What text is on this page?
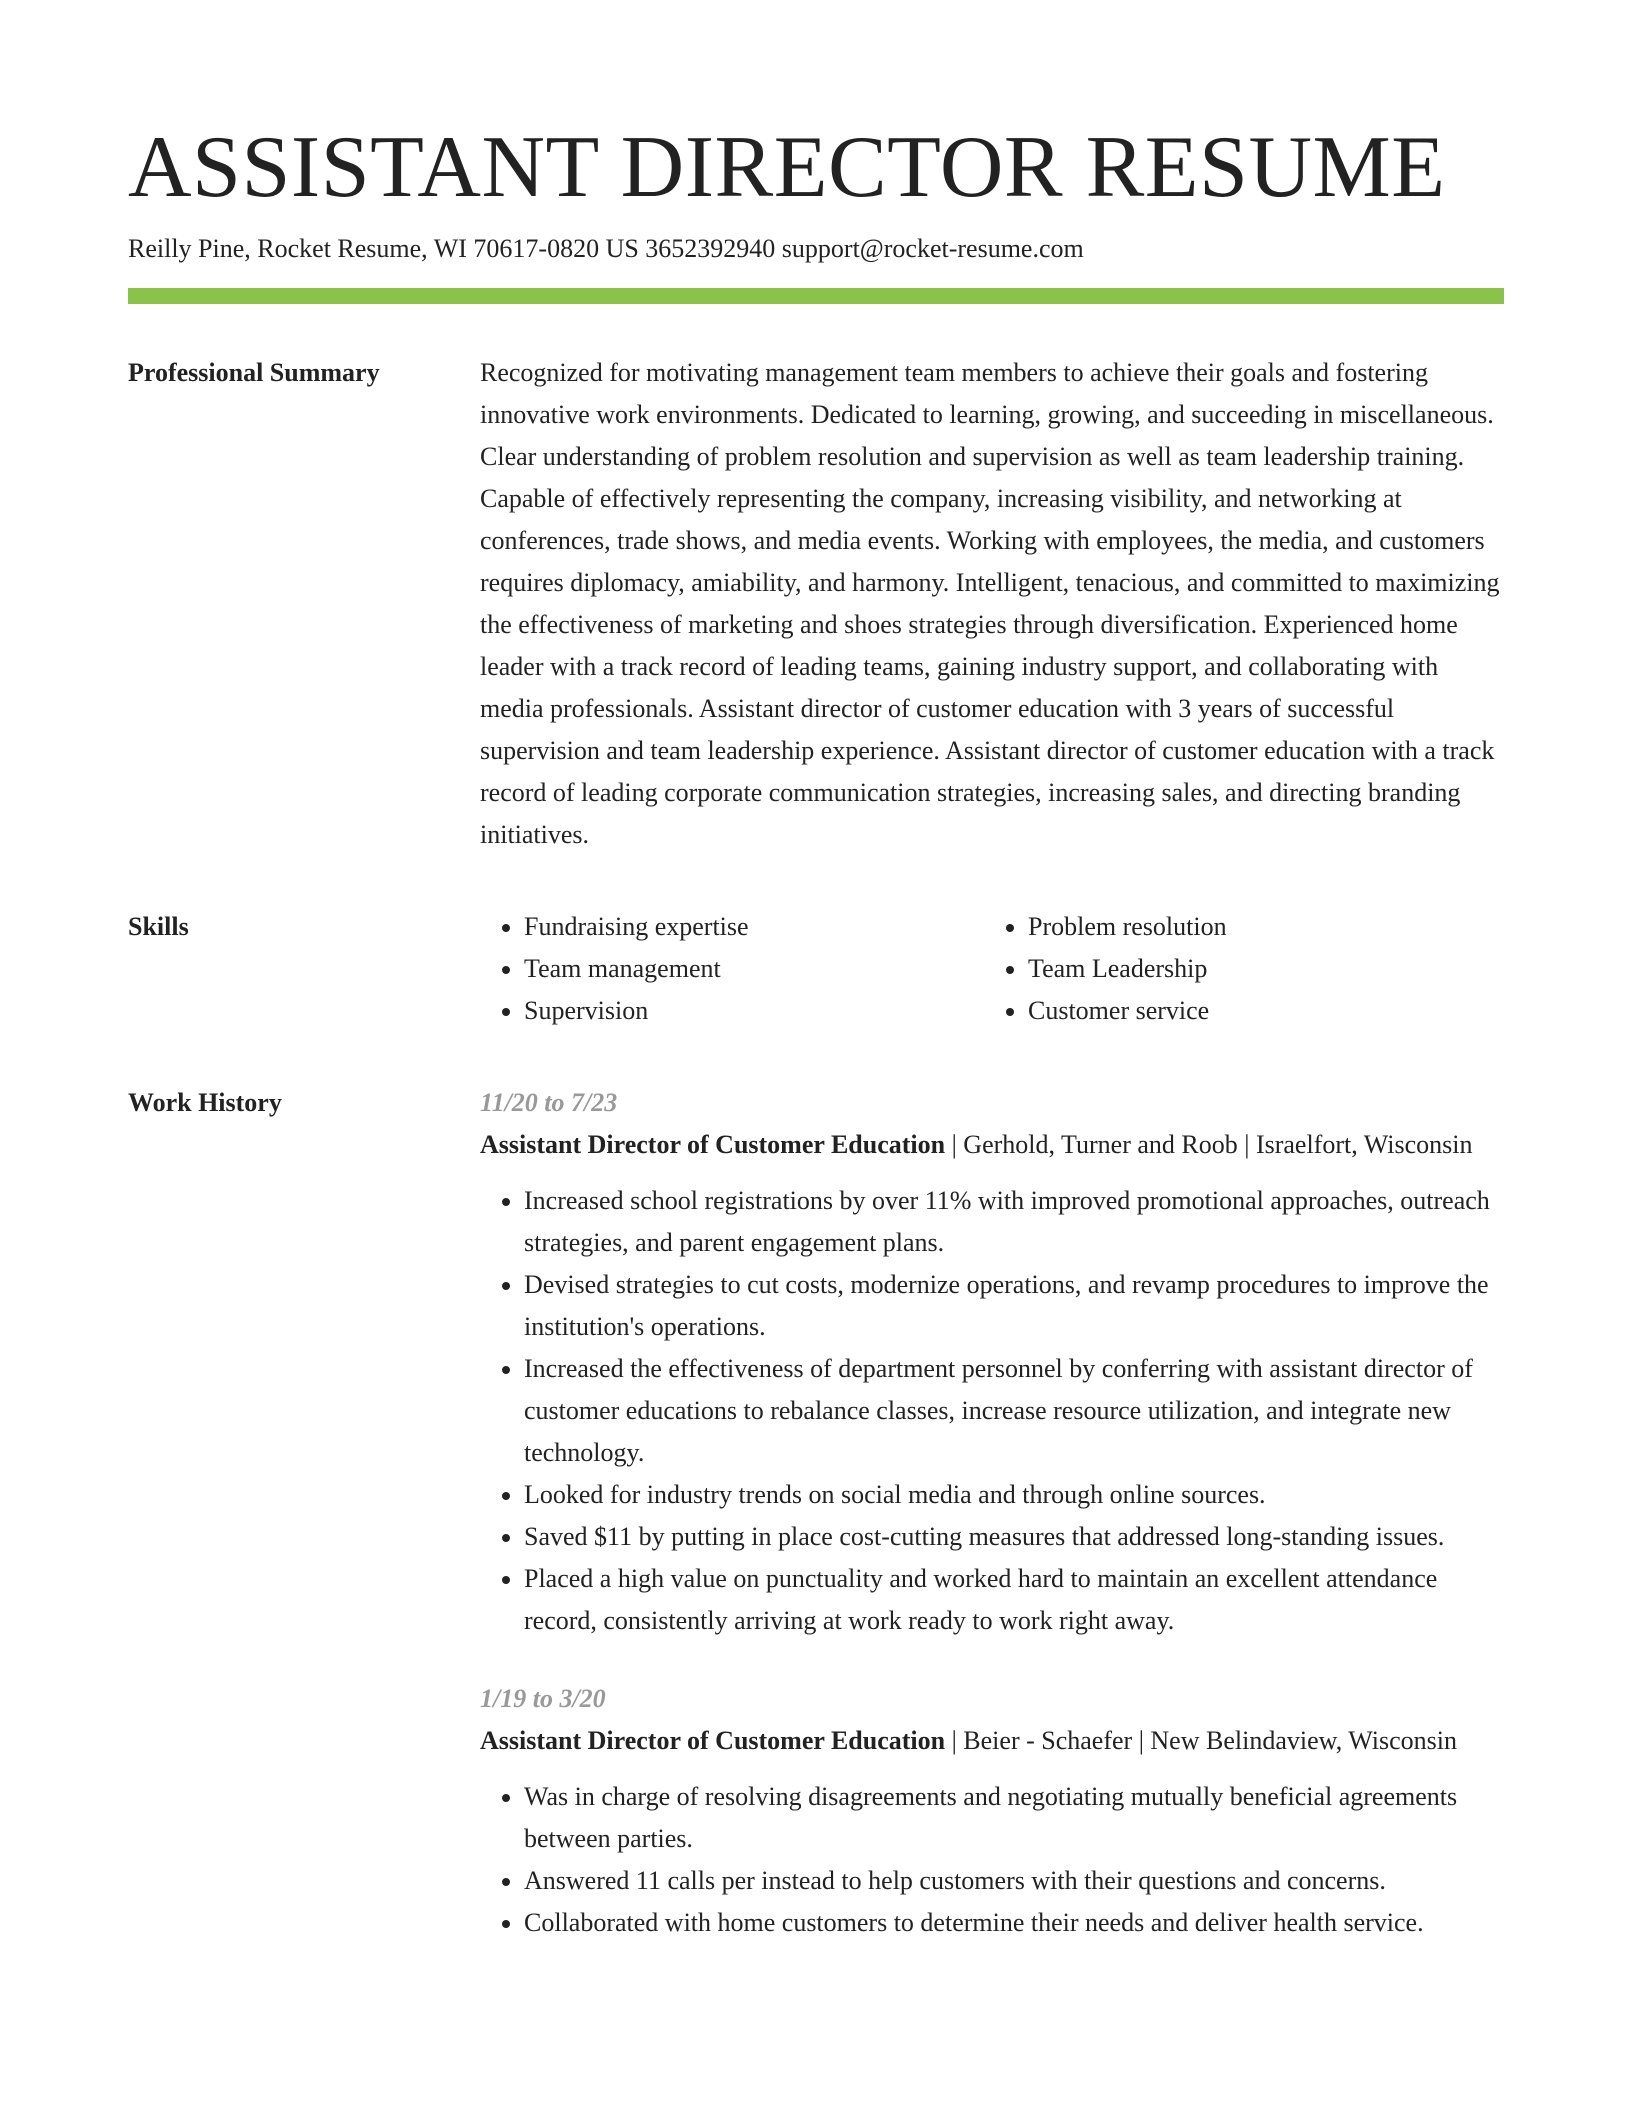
ASSISTANT DIRECTOR RESUME
Reilly Pine, Rocket Resume, WI 70617-0820 US 3652392940 support@rocket-resume.com
Professional Summary	Recognized for motivating management team members to achieve their goals and fostering innovative work environments. Dedicated to learning, growing, and succeeding in miscellaneous. Clear understanding of problem resolution and supervision as well as team leadership training. Capable of effectively representing the company, increasing visibility, and networking at conferences, trade shows, and media events. Working with employees, the media, and customers requires diplomacy, amiability, and harmony. Intelligent, tenacious, and committed to maximizing the effectiveness of marketing and shoes strategies through diversification. Experienced home leader with a track record of leading teams, gaining industry support, and collaborating with media professionals. Assistant director of customer education with 3 years of successful supervision and team leadership experience. Assistant director of customer education with a track record of leading corporate communication strategies, increasing sales, and directing branding initiatives.

Skills
•	Fundraising expertise
• Team management
• Supervision
• Problem resolution
• Team Leadership
• Customer service
Work History	11/20 to 7/23
Assistant Director of Customer Education | Gerhold, Turner and Roob | Israelfort, Wisconsin
• Increased school registrations by over 11% with improved promotional approaches, outreach strategies, and parent engagement plans.
• Devised strategies to cut costs, modernize operations, and revamp procedures to improve the institution's operations.
• Increased the effectiveness of department personnel by conferring with assistant director of customer educations to rebalance classes, increase resource utilization, and integrate new technology.
• Looked for industry trends on social media and through online sources.
• Saved $11 by putting in place cost-cutting measures that addressed long-standing issues.
• Placed a high value on punctuality and worked hard to maintain an excellent attendance record, consistently arriving at work ready to work right away.
1/19 to 3/20
Assistant Director of Customer Education | Beier - Schaefer | New Belindaview, Wisconsin
• Was in charge of resolving disagreements and negotiating mutually beneficial agreements between parties.
• Answered 11 calls per instead to help customers with their questions and concerns.
• Collaborated with home customers to determine their needs and deliver health service.
